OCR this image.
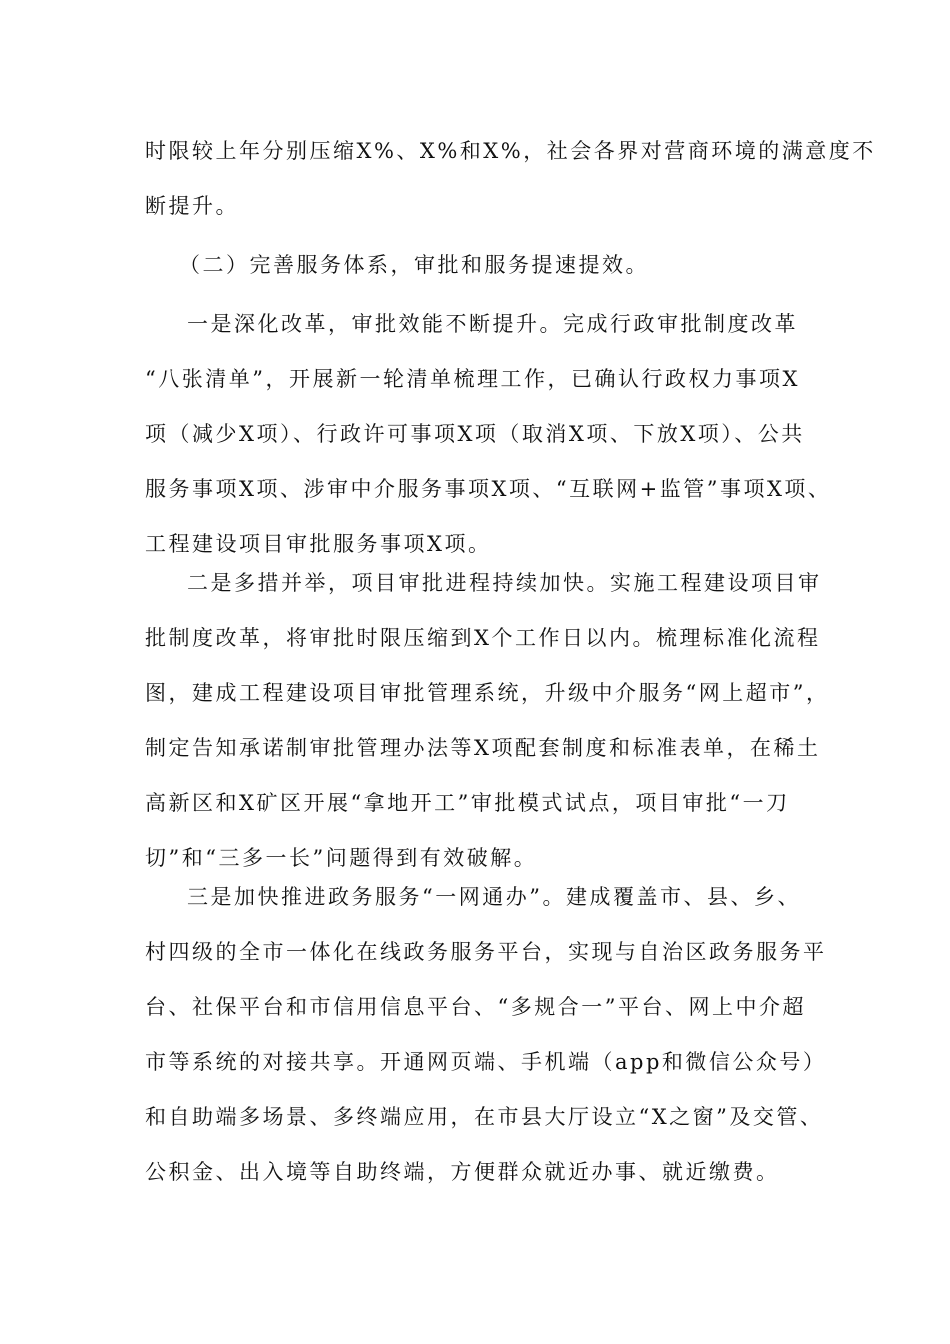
时限较上年分别压缩X%、X%和X%，社会各界对营商环境的满意度不
断提升。
（二）完善服务体系，审批和服务提速提效。
一是深化改革，审批效能不断提升。完成行政审批制度改革
“八张清单”，开展新一轮清单梳理工作，已确认行政权力事项X
项（减少X项）、行政许可事项X项（取消X项、下放X项）、公共
服务事项X项、涉审中介服务事项X项、“互联网+监管”事项X项、
工程建设项目审批服务事项X项。
二是多措并举，项目审批进程持续加快。实施工程建设项目审
批制度改革，将审批时限压缩到X个工作日以内。梳理标准化流程
图，建成工程建设项目审批管理系统，升级中介服务“网上超市”，
制定告知承诺制审批管理办法等X项配套制度和标准表单，在稀土
高新区和X矿区开展“拿地开工”审批模式试点，项目审批“一刀
切”和“三多一长”问题得到有效破解。
三是加快推进政务服务“一网通办”。建成覆盖市、县、乡、
村四级的全市一体化在线政务服务平台，实现与自治区政务服务平
台、社保平台和市信用信息平台、“多规合一”平台、网上中介超
市等系统的对接共享。开通网页端、手机端（app和微信公众号）
和自助端多场景、多终端应用，在市县大厅设立“X之窗”及交管、
公积金、出入境等自助终端，方便群众就近办事、就近缴费。
